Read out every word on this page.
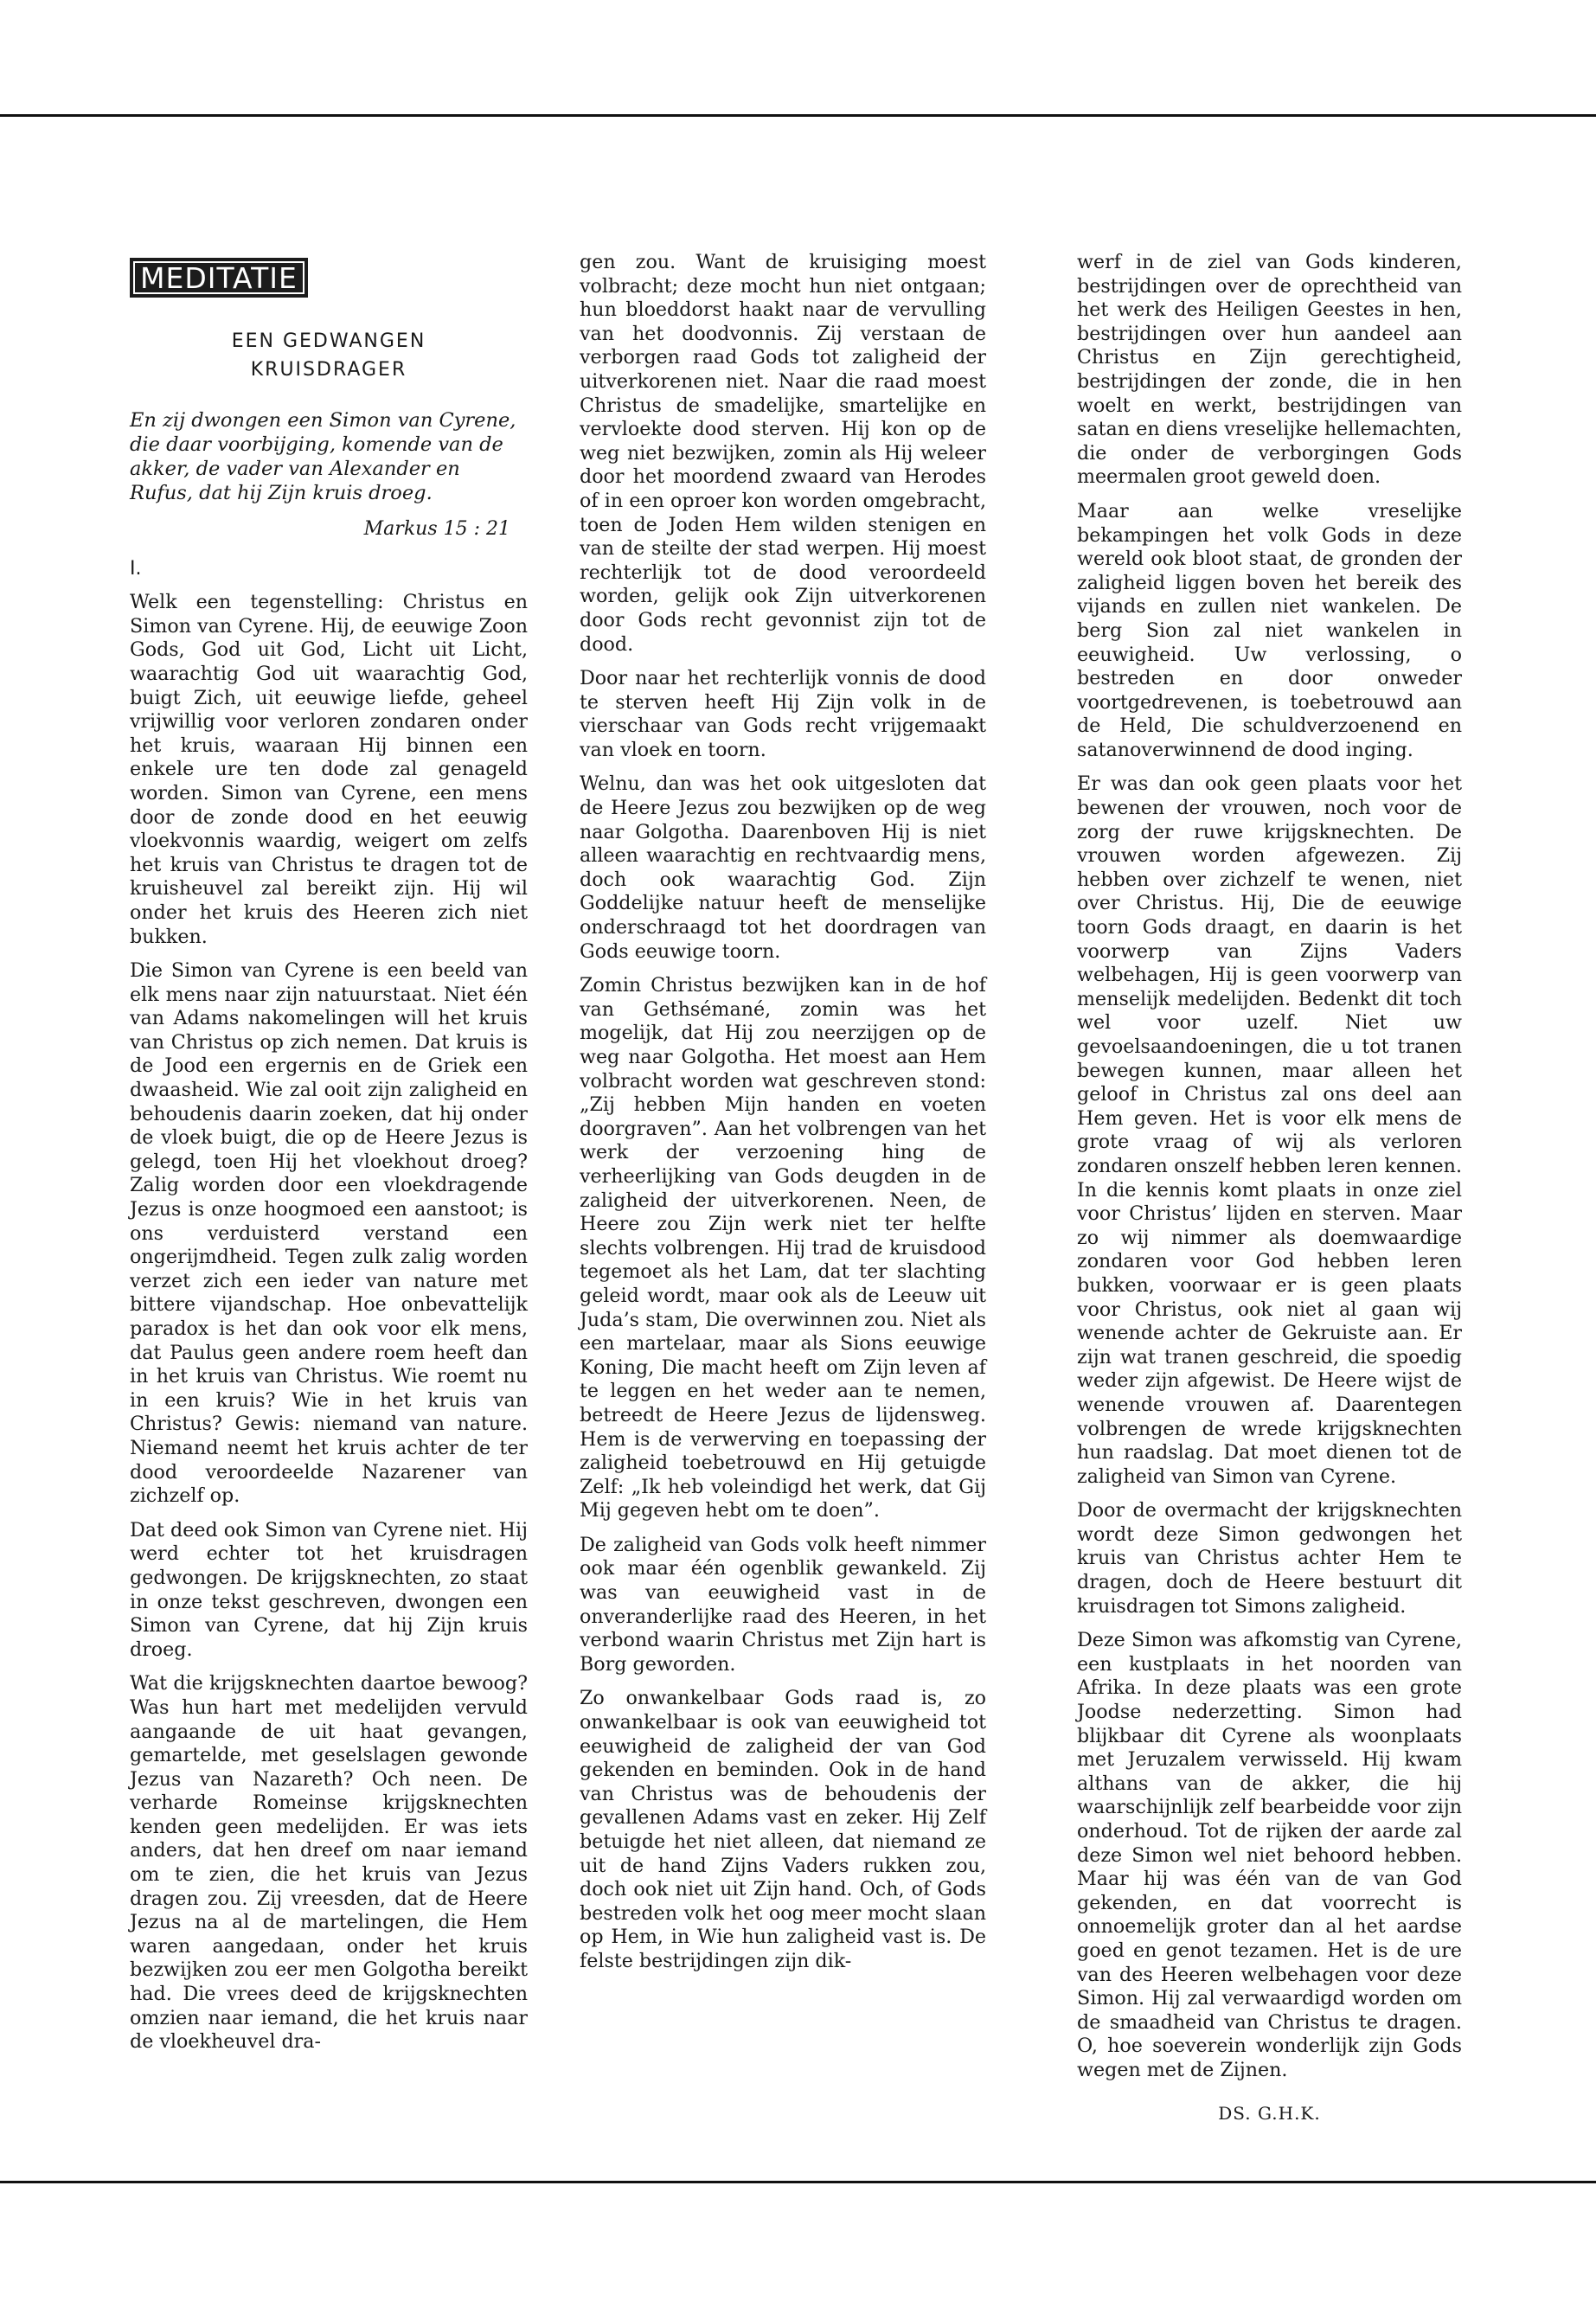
MEDITATIE
EEN GEDWANGEN
KRUISDRAGER
En zij dwongen een Simon van Cyrene, die daar voorbijging, komende van de akker, de vader van Alexander en Rufus, dat hij Zijn kruis droeg.
Markus 15 : 21
I.

Welk een tegenstelling: Christus en Simon van Cyrene. Hij, de eeuwige Zoon Gods, God uit God, Licht uit Licht, waarachtig God uit waarachtig God, buigt Zich, uit eeuwige liefde, geheel vrijwillig voor verloren zondaren onder het kruis, waaraan Hij binnen een enkele ure ten dode zal genageld worden. Simon van Cyrene, een mens door de zonde dood en het eeuwig vloekvonnis waardig, weigert om zelfs het kruis van Christus te dragen tot de kruisheuvel zal bereikt zijn. Hij wil onder het kruis des Heeren zich niet bukken.

Die Simon van Cyrene is een beeld van elk mens naar zijn natuurstaat. Niet één van Adams nakomelingen will het kruis van Christus op zich nemen. Dat kruis is de Jood een ergernis en de Griek een dwaasheid. Wie zal ooit zijn zaligheid en behoudenis daarin zoeken, dat hij onder de vloek buigt, die op de Heere Jezus is gelegd, toen Hij het vloekhout droeg? Zalig worden door een vloekdragende Jezus is onze hoogmoed een aanstoot; is ons verduisterd verstand een ongerijmdheid. Tegen zulk zalig worden verzet zich een ieder van nature met bittere vijandschap. Hoe onbevattelijk paradox is het dan ook voor elk mens, dat Paulus geen andere roem heeft dan in het kruis van Christus. Wie roemt nu in een kruis? Wie in het kruis van Christus? Gewis: niemand van nature. Niemand neemt het kruis achter de ter dood veroordeelde Nazarener van zichzelf op.

Dat deed ook Simon van Cyrene niet. Hij werd echter tot het kruisdragen gedwongen. De krijgsknechten, zo staat in onze tekst geschreven, dwongen een Simon van Cyrene, dat hij Zijn kruis droeg.

Wat die krijgsknechten daartoe bewoog? Was hun hart met medelijden vervuld aangaande de uit haat gevangen, gemartelde, met geselslagen gewonde Jezus van Nazareth? Och neen. De verharde Romeinse krijgsknechten kenden geen medelijden. Er was iets anders, dat hen dreef om naar iemand om te zien, die het kruis van Jezus dragen zou. Zij vreesden, dat de Heere Jezus na al de martelingen, die Hem waren aangedaan, onder het kruis bezwijken zou eer men Golgotha bereikt had. Die vrees deed de krijgsknechten omzien naar iemand, die het kruis naar de vloekheuvel dra-

gen zou. Want de kruisiging moest volbracht; deze mocht hun niet ontgaan; hun bloeddorst haakt naar de vervulling van het doodvonnis. Zij verstaan de verborgen raad Gods tot zaligheid der uitverkorenen niet. Naar die raad moest Christus de smadelijke, smartelijke en vervloekte dood sterven. Hij kon op de weg niet bezwijken, zomin als Hij weleer door het moordend zwaard van Herodes of in een oproer kon worden omgebracht, toen de Joden Hem wilden stenigen en van de steilte der stad werpen. Hij moest rechterlijk tot de dood veroordeeld worden, gelijk ook Zijn uitverkorenen door Gods recht gevonnist zijn tot de dood.

Door naar het rechterlijk vonnis de dood te sterven heeft Hij Zijn volk in de vierschaar van Gods recht vrijgemaakt van vloek en toorn.

Welnu, dan was het ook uitgesloten dat de Heere Jezus zou bezwijken op de weg naar Golgotha. Daarenboven Hij is niet alleen waarachtig en rechtvaardig mens, doch ook waarachtig God. Zijn Goddelijke natuur heeft de menselijke onderschraagd tot het doordragen van Gods eeuwige toorn.

Zomin Christus bezwijken kan in de hof van Gethsémané, zomin was het mogelijk, dat Hij zou neerzijgen op de weg naar Golgotha. Het moest aan Hem volbracht worden wat geschreven stond: „Zij hebben Mijn handen en voeten doorgraven”. Aan het volbrengen van het werk der verzoening hing de verheerlijking van Gods deugden in de zaligheid der uitverkorenen. Neen, de Heere zou Zijn werk niet ter helfte slechts volbrengen. Hij trad de kruisdood tegemoet als het Lam, dat ter slachting geleid wordt, maar ook als de Leeuw uit Juda’s stam, Die overwinnen zou. Niet als een martelaar, maar als Sions eeuwige Koning, Die macht heeft om Zijn leven af te leggen en het weder aan te nemen, betreedt de Heere Jezus de lijdensweg. Hem is de verwerving en toepassing der zaligheid toebetrouwd en Hij getuigde Zelf: „Ik heb voleindigd het werk, dat Gij Mij gegeven hebt om te doen”.

De zaligheid van Gods volk heeft nimmer ook maar één ogenblik gewankeld. Zij was van eeuwigheid vast in de onveranderlijke raad des Heeren, in het verbond waarin Christus met Zijn hart is Borg geworden.

Zo onwankelbaar Gods raad is, zo onwankelbaar is ook van eeuwigheid tot eeuwigheid de zaligheid der van God gekenden en beminden. Ook in de hand van Christus was de behoudenis der gevallenen Adams vast en zeker. Hij Zelf betuigde het niet alleen, dat niemand ze uit de hand Zijns Vaders rukken zou, doch ook niet uit Zijn hand. Och, of Gods bestreden volk het oog meer mocht slaan op Hem, in Wie hun zaligheid vast is. De felste bestrijdingen zijn dik-

werf in de ziel van Gods kinderen, bestrijdingen over de oprechtheid van het werk des Heiligen Geestes in hen, bestrijdingen over hun aandeel aan Christus en Zijn gerechtigheid, bestrijdingen der zonde, die in hen woelt en werkt, bestrijdingen van satan en diens vreselijke hellemachten, die onder de verborgingen Gods meermalen groot geweld doen.

Maar aan welke vreselijke bekampingen het volk Gods in deze wereld ook bloot staat, de gronden der zaligheid liggen boven het bereik des vijands en zullen niet wankelen. De berg Sion zal niet wankelen in eeuwigheid. Uw verlossing, o bestreden en door onweder voortgedrevenen, is toebetrouwd aan de Held, Die schuldverzoenend en satanoverwinnend de dood inging.

Er was dan ook geen plaats voor het bewenen der vrouwen, noch voor de zorg der ruwe krijgsknechten. De vrouwen worden afgewezen. Zij hebben over zichzelf te wenen, niet over Christus. Hij, Die de eeuwige toorn Gods draagt, en daarin is het voorwerp van Zijns Vaders welbehagen, Hij is geen voorwerp van menselijk medelijden. Bedenkt dit toch wel voor uzelf. Niet uw gevoelsaandoeningen, die u tot tranen bewegen kunnen, maar alleen het geloof in Christus zal ons deel aan Hem geven. Het is voor elk mens de grote vraag of wij als verloren zondaren onszelf hebben leren kennen. In die kennis komt plaats in onze ziel voor Christus’ lijden en sterven. Maar zo wij nimmer als doemwaardige zondaren voor God hebben leren bukken, voorwaar er is geen plaats voor Christus, ook niet al gaan wij wenende achter de Gekruiste aan. Er zijn wat tranen geschreid, die spoedig weder zijn afgewist. De Heere wijst de wenende vrouwen af. Daarentegen volbrengen de wrede krijgsknechten hun raadslag. Dat moet dienen tot de zaligheid van Simon van Cyrene.

Door de overmacht der krijgsknechten wordt deze Simon gedwongen het kruis van Christus achter Hem te dragen, doch de Heere bestuurt dit kruisdragen tot Simons zaligheid.

Deze Simon was afkomstig van Cyrene, een kustplaats in het noorden van Afrika. In deze plaats was een grote Joodse nederzetting. Simon had blijkbaar dit Cyrene als woonplaats met Jeruzalem verwisseld. Hij kwam althans van de akker, die hij waarschijnlijk zelf bearbeidde voor zijn onderhoud. Tot de rijken der aarde zal deze Simon wel niet behoord hebben. Maar hij was één van de van God gekenden, en dat voorrecht is onnoemelijk groter dan al het aardse goed en genot tezamen. Het is de ure van des Heeren welbehagen voor deze Simon. Hij zal verwaardigd worden om de smaadheid van Christus te dragen. O, hoe soeverein wonderlijk zijn Gods wegen met de Zijnen.

DS. G.H.K.
